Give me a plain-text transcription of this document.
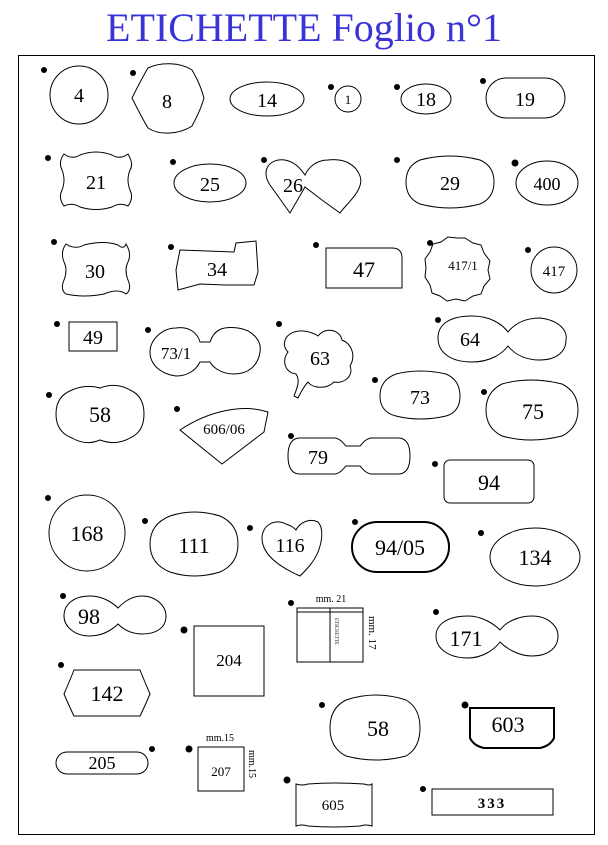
ETICHETTE Foglio n°1
4	8	14	1	18	19
21	25	26	29	400
30	34	47	417/1	417
49
73/1	63
64
58
606/06
73
75
79
94
168	111	116	94/05	134
98
204
mm. 21
ETICHETTE	mm. 17	171
142
58	603
205
mm.15
207 mm.15
605	333
